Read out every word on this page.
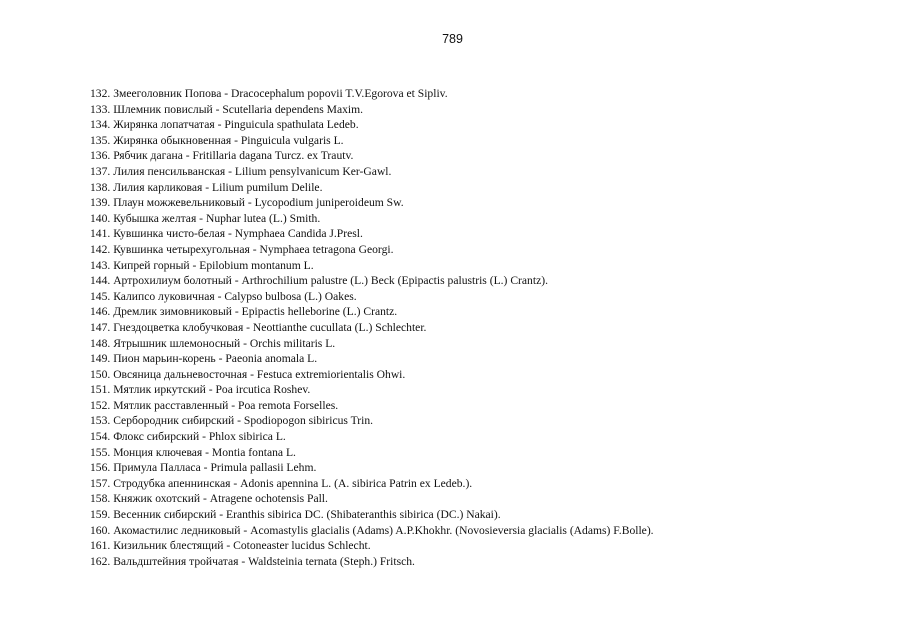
789
132. Змееголовник Попова - Dracocephalum popovii T.V.Egorova et Sipliv.
133. Шлемник повислый - Scutellaria dependens Maxim.
134. Жирянка лопатчатая - Pinguicula spathulata Ledeb.
135. Жирянка обыкновенная - Pinguicula vulgaris L.
136. Рябчик дагана - Fritillaria dagana Turcz. ex Trautv.
137. Лилия пенсильванская - Lilium pensylvanicum Ker-Gawl.
138. Лилия карликовая - Lilium pumilum Delile.
139. Плаун можжевельниковый - Lycopodium juniperoideum Sw.
140. Кубышка желтая - Nuphar lutea (L.) Smith.
141. Кувшинка чисто-белая - Nymphaea Candida J.Presl.
142. Кувшинка четырехугольная - Nymphaea tetragona Georgi.
143. Кипрей горный - Epilobium montanum L.
144. Артрохилиум болотный - Arthrochilium palustre (L.) Beck (Epipactis palustris (L.) Crantz).
145. Калипсо луковичная - Calypso bulbosa (L.) Oakes.
146. Дремлик зимовниковый - Epipactis helleborine (L.) Crantz.
147. Гнездоцветка клобучковая - Neottianthe cucullata (L.) Schlechter.
148. Ятрышник шлемоносный - Orchis militaris L.
149. Пион марьин-корень - Paeonia anomala L.
150. Овсяница дальневосточная - Festuca extremiorientalis Ohwi.
151. Мятлик иркутский - Poa ircutica Roshev.
152. Мятлик расставленный - Poa remota Forselles.
153. Сербородник сибирский - Spodiopogon sibiricus Trin.
154. Флокс сибирский - Phlox sibirica L.
155. Монция ключевая - Montia fontana L.
156. Примула Палласа - Primula pallasii Lehm.
157. Стродубка апеннинская - Adonis apennina L. (A. sibirica Patrin ex Ledeb.).
158. Княжик охотский - Atragene ochotensis Pall.
159. Весенник сибирский - Eranthis sibirica DC. (Shibateranthis sibirica (DC.) Nakai).
160. Акомастилис ледниковый - Acomastylis glacialis (Adams) A.P.Khokhr. (Novosieversia glacialis (Adams) F.Bolle).
161. Кизильник блестящий - Cotoneaster lucidus Schlecht.
162. Вальдштейния тройчатая - Waldsteinia ternata (Steph.) Fritsch.
